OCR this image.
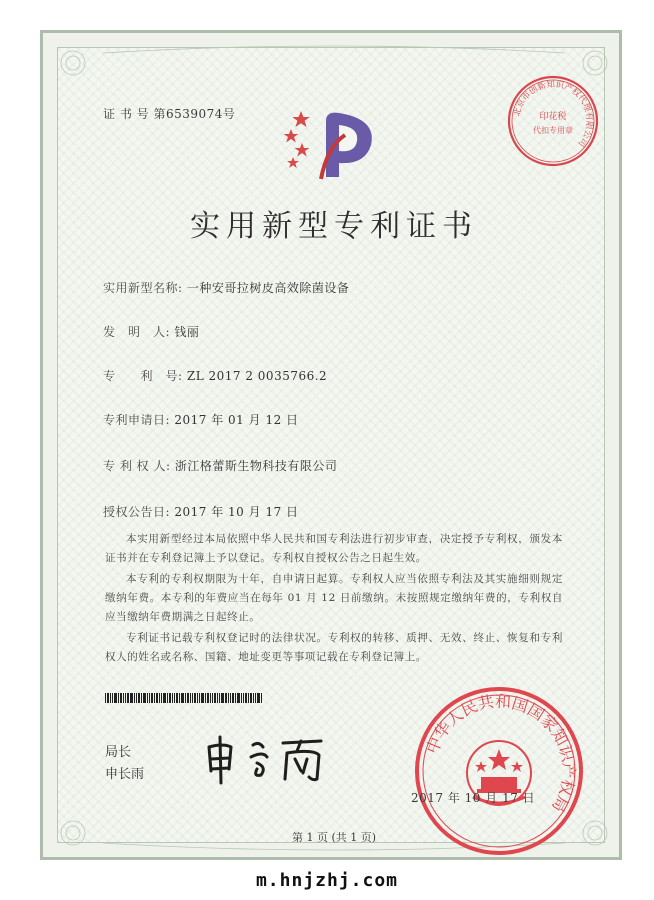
证 书 号 第6539074号	北京市创新知识产权代理有限公司
印花税
代扣专用章
实用新型专利证书
实用新型名称: 一种安哥拉树皮高效除菌设备
发　明　人: 钱丽
专　　利　号: ZL 2017 2 0035766.2
专利申请日: 2017 年 01 月 12 日
专 利 权 人: 浙江格蕾斯生物科技有限公司
授权公告日: 2017 年 10 月 17 日
本实用新型经过本局依照中华人民共和国专利法进行初步审查，决定授予专利权，颁发本证书并在专利登记簿上予以登记。专利权自授权公告之日起生效。
本专利的专利权期限为十年，自申请日起算。专利权人应当依照专利法及其实施细则规定缴纳年费。本专利的年费应当在每年 01 月 12 日前缴纳。未按照规定缴纳年费的，专利权自应当缴纳年费期满之日起终止。
专利证书记载专利权登记时的法律状况。专利权的转移、质押、无效、终止、恢复和专利权人的姓名或名称、国籍、地址变更等事项记载在专利登记簿上。
局长
申长雨
中华人民共和国国家知识产权局
2017 年 10 月 17 日
第 1 页 (共 1 页)
m.hnjzhj.com
